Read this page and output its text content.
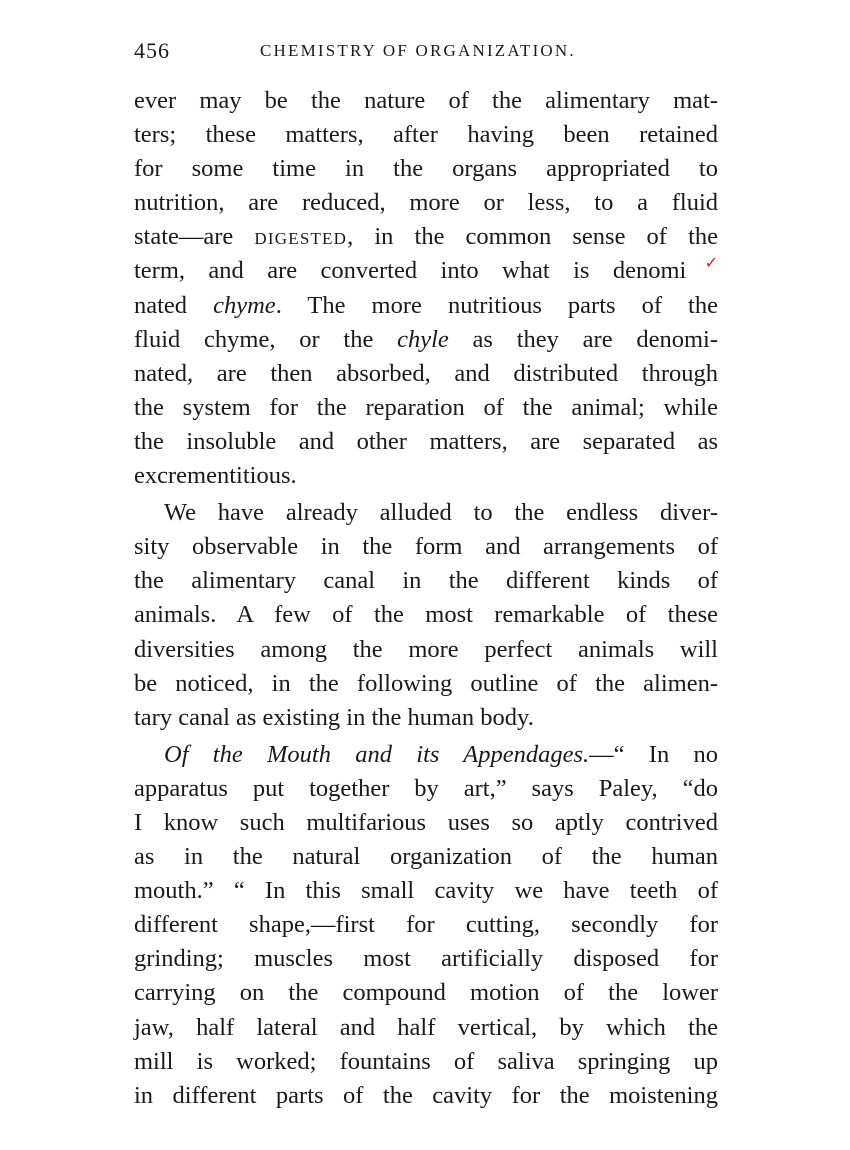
456	CHEMISTRY OF ORGANIZATION.
ever may be the nature of the alimentary mat-
ters; these matters, after having been retained
for some time in the organs appropriated to
nutrition, are reduced, more or less, to a fluid
state—are DIGESTED, in the common sense of the
term, and are converted into what is denomi✓
nated chyme. The more nutritious parts of the
fluid chyme, or the chyle as they are denomi-
nated, are then absorbed, and distributed through
the system for the reparation of the animal; while
the insoluble and other matters, are separated as
excrementitious.
We have already alluded to the endless diver-
sity observable in the form and arrangements of
the alimentary canal in the different kinds of
animals. A few of the most remarkable of these
diversities among the more perfect animals will
be noticed, in the following outline of the alimen-
tary canal as existing in the human body.
Of the Mouth and its Appendages.—“ In no
apparatus put together by art,” says Paley, “do
I know such multifarious uses so aptly contrived
as in the natural organization of the human
mouth.” “ In this small cavity we have teeth of
different shape,—first for cutting, secondly for
grinding; muscles most artificially disposed for
carrying on the compound motion of the lower
jaw, half lateral and half vertical, by which the
mill is worked; fountains of saliva springing up
in different parts of the cavity for the moistening
